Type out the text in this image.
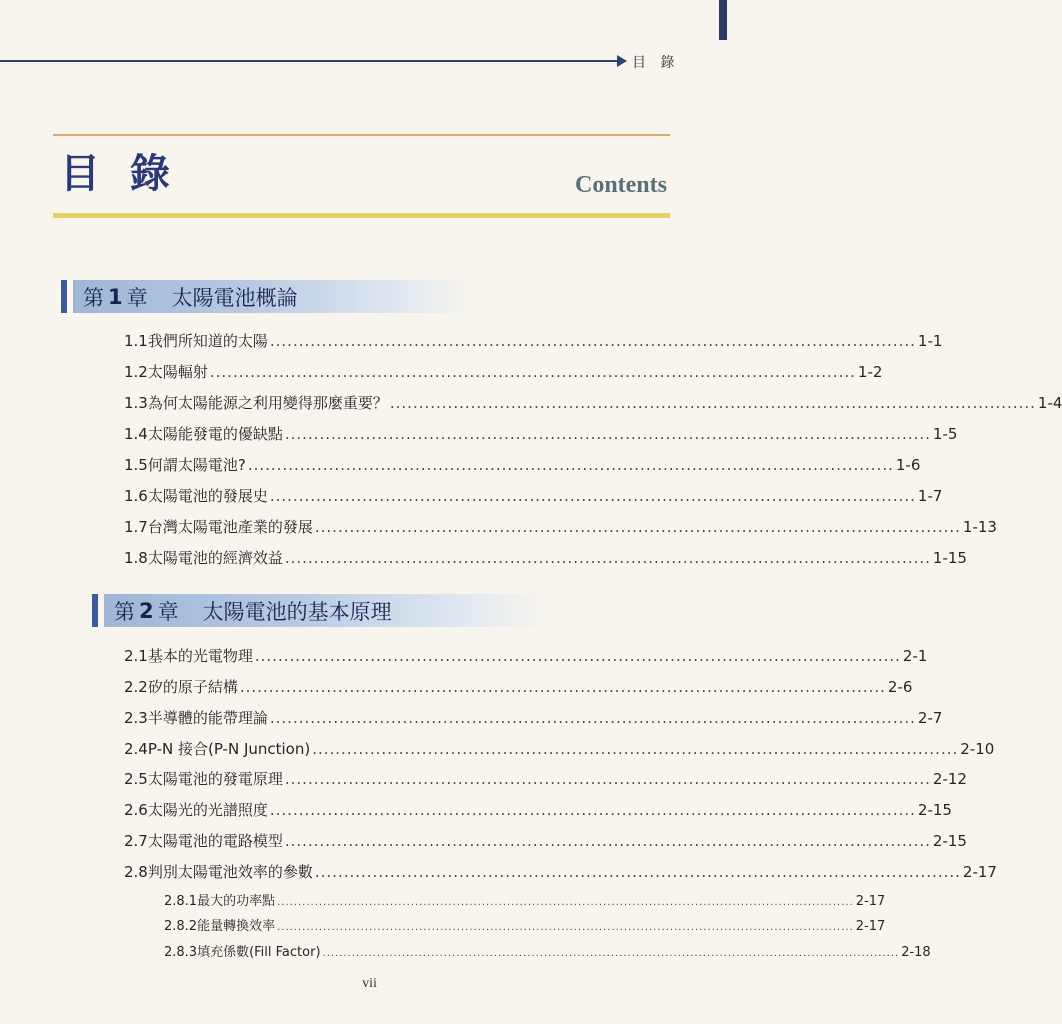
目 錄
目 錄	Contents
第 1 章 太陽電池概論
1.1 我們所知道的太陽 ................................................................................................................ 1-1
1.2 太陽輻射 ................................................................................................................ 1-2
1.3 為何太陽能源之利用變得那麼重要？ ................................................................................................................ 1-4
1.4 太陽能發電的優缺點 ................................................................................................................ 1-5
1.5 何謂太陽電池? ................................................................................................................ 1-6
1.6 太陽電池的發展史 ................................................................................................................ 1-7
1.7 台灣太陽電池產業的發展 ................................................................................................................ 1-13
1.8 太陽電池的經濟效益 ................................................................................................................ 1-15
第 2 章 太陽電池的基本原理
2.1 基本的光電物理 ................................................................................................................ 2-1
2.2 矽的原子結構 ................................................................................................................ 2-6
2.3 半導體的能帶理論 ................................................................................................................ 2-7
2.4 P-N 接合(P-N Junction) ................................................................................................................ 2-10
2.5 太陽電池的發電原理 ................................................................................................................ 2-12
2.6 太陽光的光譜照度 ................................................................................................................ 2-15
2.7 太陽電池的電路模型 ................................................................................................................ 2-15
2.8 判別太陽電池效率的參數 ................................................................................................................ 2-17
2.8.1 最大的功率點 .......................................................................................................................................... 2-17
2.8.2 能量轉換效率 .......................................................................................................................................... 2-17
2.8.3 填充係數(Fill Factor) .......................................................................................................................................... 2-18
vii
